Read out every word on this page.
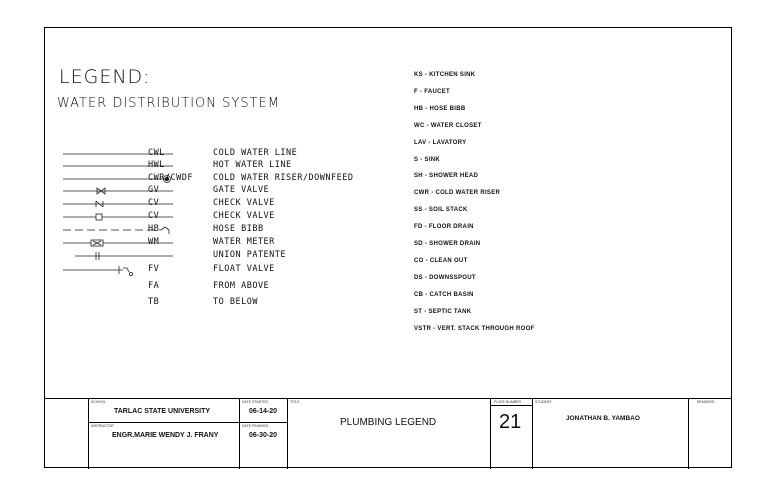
LEGEND:
WATER DISTRIBUTION SYSTEM
CWL	COLD WATER LINE
HWL	HOT WATER LINE
CWR/CWDF COLD WATER RISER/DOWNFEED
GV	GATE VALVE
CV	CHECK VALVE
CV	CHECK VALVE
HB	HOSE BIBB
WM	WATER METER
UNION PATENTE
FV	FLOAT VALVE
FA	FROM ABOVE
TB	TO BELOW
KS - KITCHEN SINK
F - FAUCET
HB - HOSE BIBB
WC - WATER CLOSET
LAV - LAVATORY
S - SINK
SH - SHOWER HEAD
CWR - COLD WATER RISER
SS - SOIL STACK
FD - FLOOR DRAIN
SD - SHOWER DRAIN
CO - CLEAN OUT
DS - DOWNSSPOUT
CB - CATCH BASIN
ST - SEPTIC TANK
VSTR - VERT. STACK THROUGH ROOF
SCHOOL
TARLAC STATE UNIVERSITY
INSTRUCTOR
ENGR.MARIE WENDY J. FRANY
DATE STARTED
06-14-20
DATE FINISHED
06-30-20
TITLE
PLUMBING LEGEND
PLATE NUMBER
21
STUDENT
JONATHAN B. YAMBAO
REMARKS
